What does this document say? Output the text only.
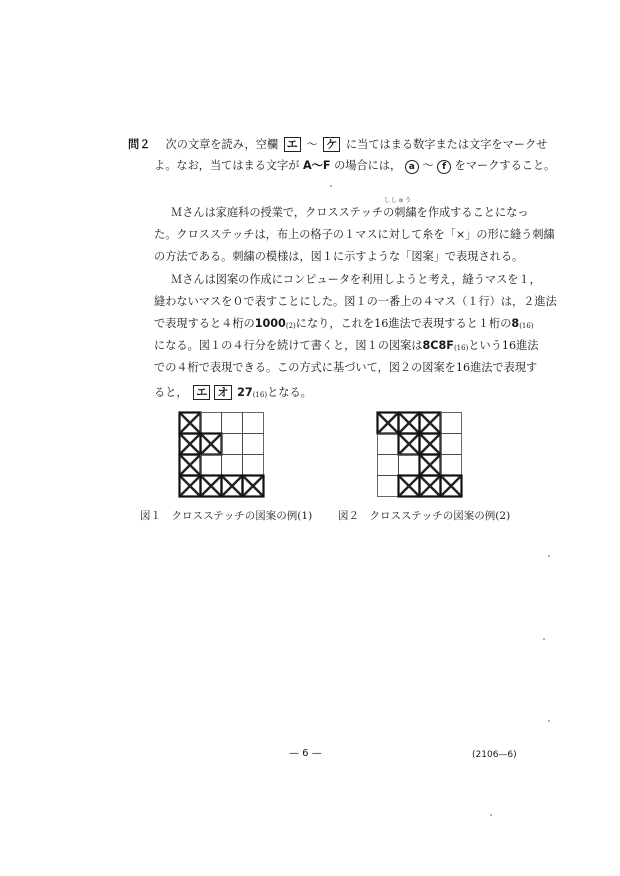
問２ 次の文章を読み，空欄 エ ～ ケ に当てはまる数字または文字をマークせ
よ。なお，当てはまる文字が A～F の場合には， a ～ f をマークすること。
ししゅう
Ｍさんは家庭科の授業で，クロスステッチの刺繍を作成することになっ
た。クロスステッチは，布上の格子の１マスに対して糸を「×」の形に縫う刺繍
の方法である。刺繍の模様は，図１に示すような「図案」で表現される。
Ｍさんは図案の作成にコンピュータを利用しようと考え，縫うマスを１，
縫わないマスを０で表すことにした。図１の一番上の４マス（１行）は，２進法
で表現すると４桁の1000(2)になり，これを16進法で表現すると１桁の8(16)
になる。図１の４行分を続けて書くと，図１の図案は8C8F(16)という16進法
での４桁で表現できる。この方式に基づいて，図２の図案を16進法で表現す
ると， エ オ 27(16)となる。
図１　クロスステッチの図案の例(1) 図２　クロスステッチの図案の例(2)
— 6 —	(2106—6)
